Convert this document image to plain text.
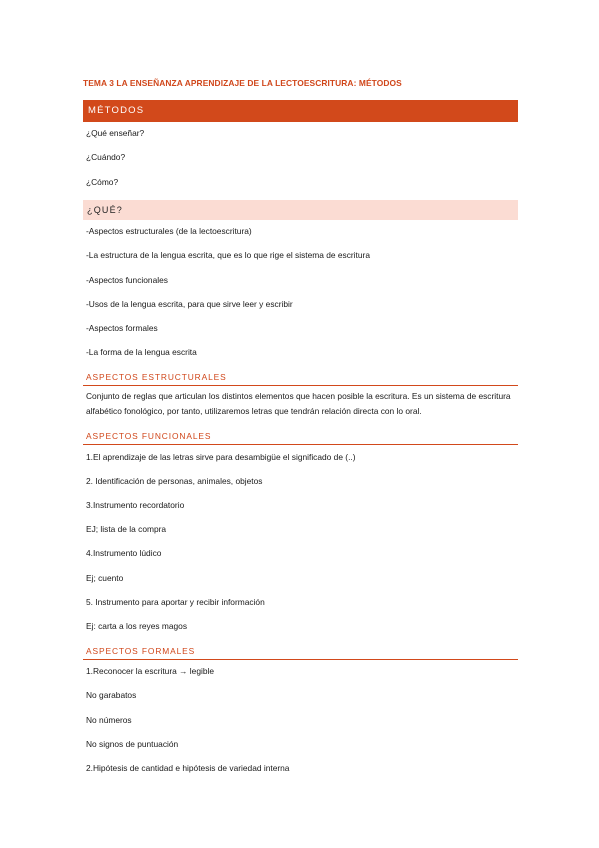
TEMA 3 LA ENSEÑANZA APRENDIZAJE DE LA LECTOESCRITURA: MÉTODOS
MÉTODOS
¿Qué enseñar?
¿Cuándo?
¿Cómo?
¿QUÉ?
-Aspectos estructurales (de la lectoescritura)
-La estructura de la lengua escrita, que es lo que rige el sistema de escritura
-Aspectos funcionales
-Usos de la lengua escrita, para que sirve leer y escribir
-Aspectos formales
-La forma de la lengua escrita
ASPECTOS ESTRUCTURALES
Conjunto de reglas que articulan los distintos elementos que hacen posible la escritura. Es un sistema de escritura alfabético fonológico, por tanto, utilizaremos letras que tendrán relación directa con lo oral.
ASPECTOS FUNCIONALES
1.El aprendizaje de las letras sirve para desambigüe el significado de (..)
2. Identificación de personas, animales, objetos
3.Instrumento recordatorio
EJ; lista de la compra
4.Instrumento lúdico
Ej; cuento
5. Instrumento para aportar y recibir información
Ej: carta a los reyes magos
ASPECTOS FORMALES
1.Reconocer la escritura → legible
No garabatos
No números
No signos de puntuación
2.Hipótesis de cantidad e hipótesis de variedad interna
